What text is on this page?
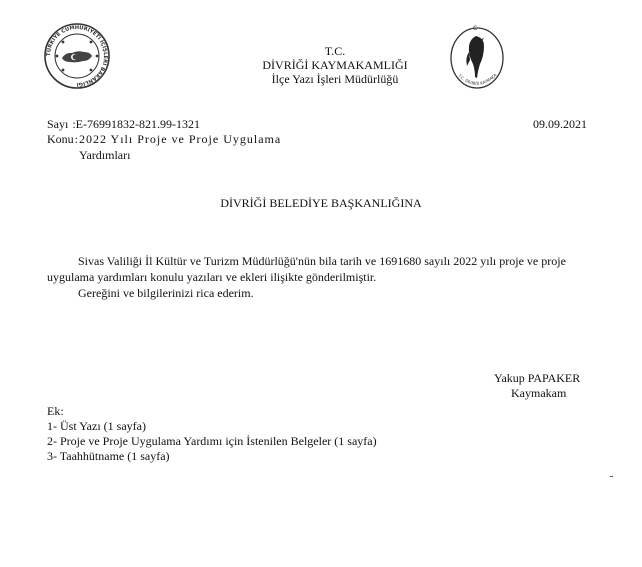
TÜRKİYE CUMHURİYETİ İÇİŞLERİ BAKANLIĞI
C
T.C. DİVRİĞİ KAYMAKA
T.C.
DİVRİĞİ KAYMAKAMLIĞI
İlçe Yazı İşleri Müdürlüğü
Sayı :E-76991832-821.99-1321	09.09.2021
Konu:2022 Yılı Proje ve Proje Uygulama
Yardımları
DİVRİĞİ BELEDİYE BAŞKANLIĞINA
Sivas Valiliği İl Kültür ve Turizm Müdürlüğü'nün bila tarih ve 1691680 sayılı 2022 yılı proje ve proje
uygulama yardımları konulu yazıları ve ekleri ilişikte gönderilmiştir.
Gereğini ve bilgilerinizi rica ederim.
Yakup PAPAKER
Kaymakam
Ek:
1- Üst Yazı (1 sayfa)
2- Proje ve Proje Uygulama Yardımı için İstenilen Belgeler (1 sayfa)
3- Taahhütname (1 sayfa)
